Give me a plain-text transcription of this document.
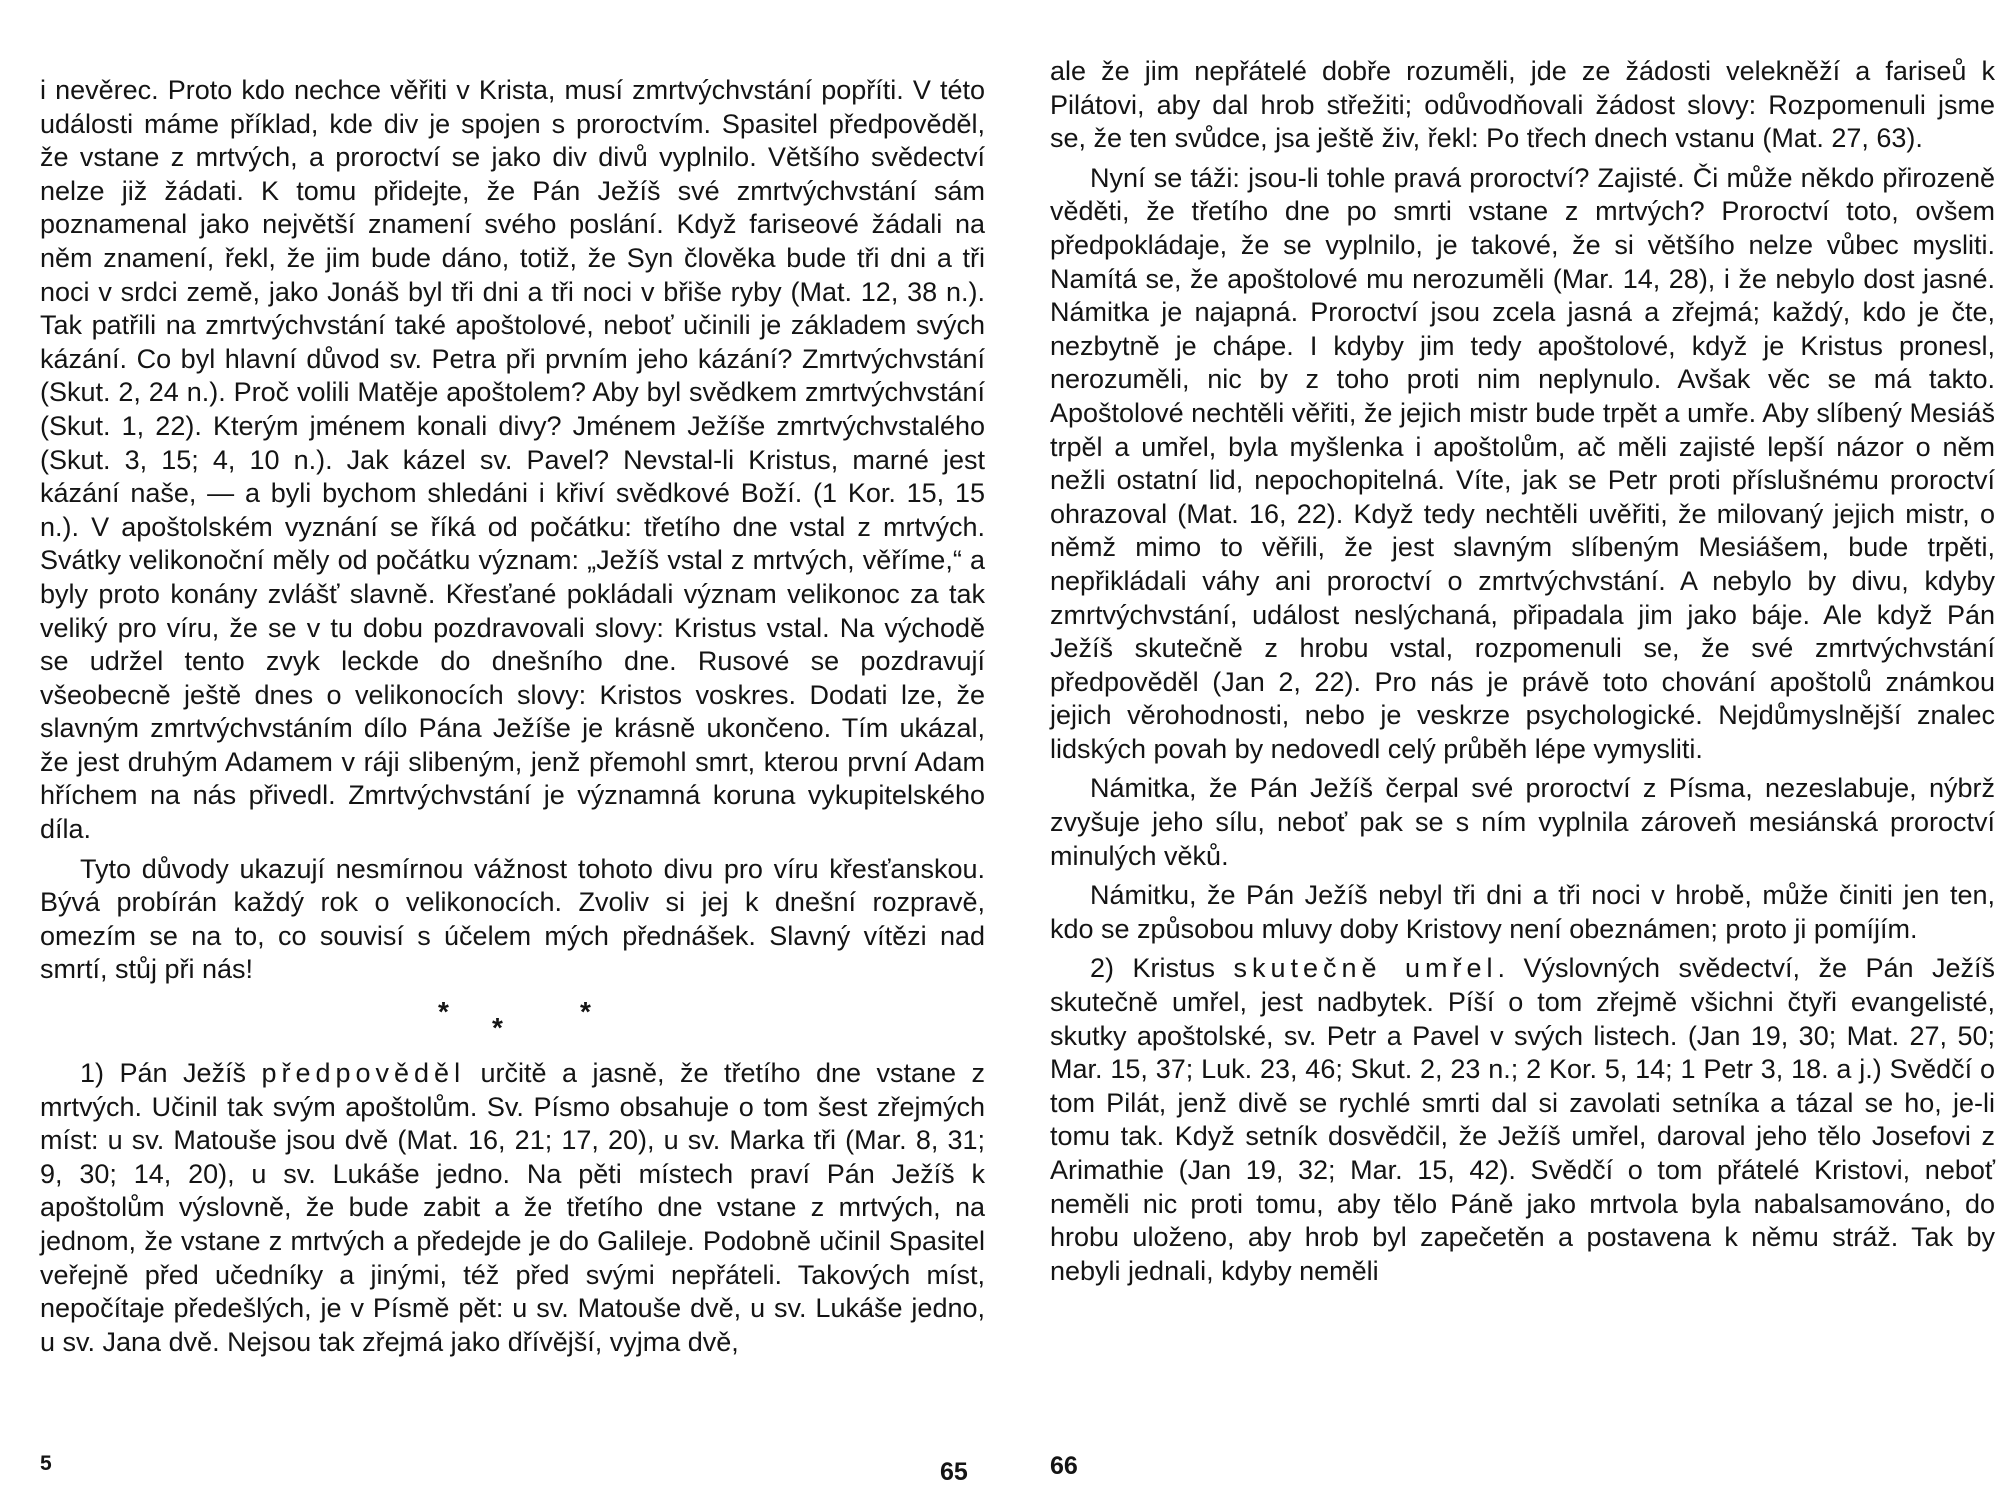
i nevěrec. Proto kdo nechce věřiti v Krista, musí zmrtvýchvstání popříti. V této události máme příklad, kde div je spojen s proroctvím. Spasitel předpověděl, že vstane z mrtvých, a proroctví se jako div divů vyplnilo. Většího svědectví nelze již žádati. K tomu přidejte, že Pán Ježíš své zmrtvýchvstání sám poznamenal jako největší znamení svého poslání. Když fariseové žádali na něm znamení, řekl, že jim bude dáno, totiž, že Syn člověka bude tři dni a tři noci v srdci země, jako Jonáš byl tři dni a tři noci v břiše ryby (Mat. 12, 38 n.). Tak patřili na zmrtvýchvstání také apoštolové, neboť učinili je základem svých kázání. Co byl hlavní důvod sv. Petra při prvním jeho kázání? Zmrtvýchvstání (Skut. 2, 24 n.). Proč volili Matěje apoštolem? Aby byl svědkem zmrtvýchvstání (Skut. 1, 22). Kterým jménem konali divy? Jménem Ježíše zmrtvýchvstalého (Skut. 3, 15; 4, 10 n.). Jak kázel sv. Pavel? Nevstal-li Kristus, marné jest kázání naše, — a byli bychom shledáni i křiví svědkové Boží. (1 Kor. 15, 15 n.). V apoštolském vyznání se říká od počátku: třetího dne vstal z mrtvých. Svátky velikonoční měly od počátku význam: „Ježíš vstal z mrtvých, věříme,“ a byly proto konány zvlášť slavně. Křesťané pokládali význam velikonoc za tak veliký pro víru, že se v tu dobu pozdravovali slovy: Kristus vstal. Na východě se udržel tento zvyk leckde do dnešního dne. Rusové se pozdravují všeobecně ještě dnes o velikonocích slovy: Kristos voskres. Dodati lze, že slavným zmrtvýchvstáním dílo Pána Ježíše je krásně ukončeno. Tím ukázal, že jest druhým Adamem v ráji slibeným, jenž přemohl smrt, kterou první Adam hříchem na nás přivedl. Zmrtvýchvstání je významná koruna vykupitelského díla.

Tyto důvody ukazují nesmírnou vážnost tohoto divu pro víru křesťanskou. Bývá probírán každý rok o velikonocích. Zvoliv si jej k dnešní rozpravě, omezím se na to, co souvisí s účelem mých přednášek. Slavný vítězi nad smrtí, stůj při nás!

*
*
*

1) Pán Ježíš předpověděl určitě a jasně, že třetího dne vstane z mrtvých. Učinil tak svým apoštolům. Sv. Písmo obsahuje o tom šest zřejmých míst: u sv. Matouše jsou dvě (Mat. 16, 21; 17, 20), u sv. Marka tři (Mar. 8, 31; 9, 30; 14, 20), u sv. Lukáše jedno. Na pěti místech praví Pán Ježíš k apoštolům výslovně, že bude zabit a že třetího dne vstane z mrtvých, na jednom, že vstane z mrtvých a předejde je do Galileje. Podobně učinil Spasitel veřejně před učedníky a jinými, též před svými nepřáteli. Takových míst, nepočítaje předešlých, je v Písmě pět: u sv. Matouše dvě, u sv. Lukáše jedno, u sv. Jana dvě. Nejsou tak zřejmá jako dřívější, vyjma dvě,

5	65

ale že jim nepřátelé dobře rozuměli, jde ze žádosti velekněží a fariseů k Pilátovi, aby dal hrob střežiti; odůvodňovali žádost slovy: Rozpomenuli jsme se, že ten svůdce, jsa ještě živ, řekl: Po třech dnech vstanu (Mat. 27, 63).

Nyní se táži: jsou-li tohle pravá proroctví? Zajisté. Či může někdo přirozeně věděti, že třetího dne po smrti vstane z mrtvých? Proroctví toto, ovšem předpokládaje, že se vyplnilo, je takové, že si většího nelze vůbec mysliti. Namítá se, že apoštolové mu nerozuměli (Mar. 14, 28), i že nebylo dost jasné. Námitka je najapná. Proroctví jsou zcela jasná a zřejmá; každý, kdo je čte, nezbytně je chápe. I kdyby jim tedy apoštolové, když je Kristus pronesl, nerozuměli, nic by z toho proti nim neplynulo. Avšak věc se má takto. Apoštolové nechtěli věřiti, že jejich mistr bude trpět a umře. Aby slíbený Mesiáš trpěl a umřel, byla myšlenka i apoštolům, ač měli zajisté lepší názor o něm nežli ostatní lid, nepochopitelná. Víte, jak se Petr proti příslušnému proroctví ohrazoval (Mat. 16, 22). Když tedy nechtěli uvěřiti, že milovaný jejich mistr, o němž mimo to věřili, že jest slavným slíbeným Mesiášem, bude trpěti, nepřikládali váhy ani proroctví o zmrtvýchvstání. A nebylo by divu, kdyby zmrtvýchvstání, událost neslýchaná, připadala jim jako báje. Ale když Pán Ježíš skutečně z hrobu vstal, rozpomenuli se, že své zmrtvýchvstání předpověděl (Jan 2, 22). Pro nás je právě toto chování apoštolů známkou jejich věrohodnosti, nebo je veskrze psychologické. Nejdůmyslnější znalec lidských povah by nedovedl celý průběh lépe vymysliti.

Námitka, že Pán Ježíš čerpal své proroctví z Písma, nezeslabuje, nýbrž zvyšuje jeho sílu, neboť pak se s ním vyplnila zároveň mesiánská proroctví minulých věků.

Námitku, že Pán Ježíš nebyl tři dni a tři noci v hrobě, může činiti jen ten, kdo se způsobou mluvy doby Kristovy není obeznámen; proto ji pomíjím.

2) Kristus skutečně umřel. Výslovných svědectví, že Pán Ježíš skutečně umřel, jest nadbytek. Píší o tom zřejmě všichni čtyři evangelisté, skutky apoštolské, sv. Petr a Pavel v svých listech. (Jan 19, 30; Mat. 27, 50; Mar. 15, 37; Luk. 23, 46; Skut. 2, 23 n.; 2 Kor. 5, 14; 1 Petr 3, 18. a j.) Svědčí o tom Pilát, jenž divě se rychlé smrti dal si zavolati setníka a tázal se ho, je-li tomu tak. Když setník dosvědčil, že Ježíš umřel, daroval jeho tělo Josefovi z Arimathie (Jan 19, 32; Mar. 15, 42). Svědčí o tom přátelé Kristovi, neboť neměli nic proti tomu, aby tělo Páně jako mrtvola byla nabalsamováno, do hrobu uloženo, aby hrob byl zapečetěn a postavena k němu stráž. Tak by nebyli jednali, kdyby neměli

66
